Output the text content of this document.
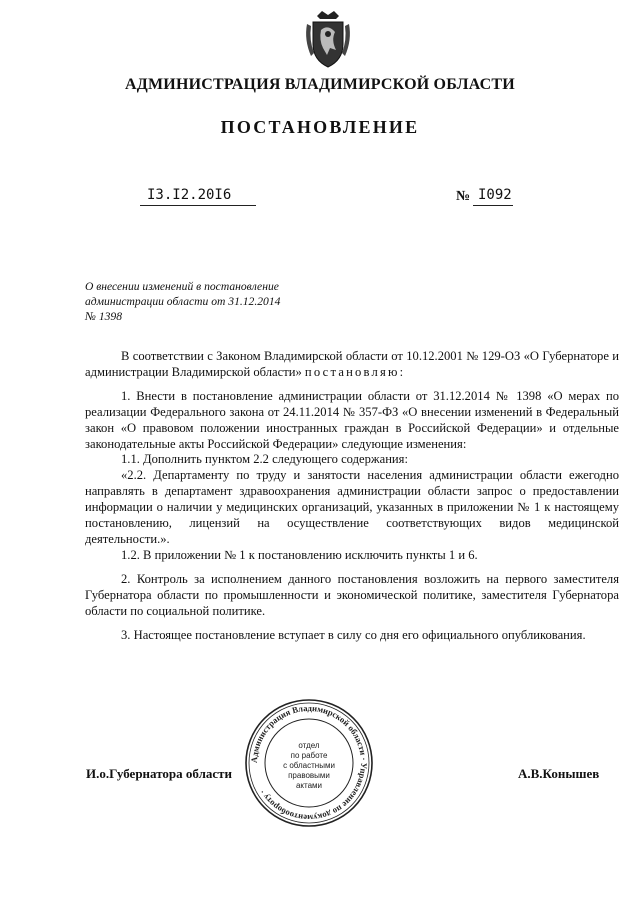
АДМИНИСТРАЦИЯ ВЛАДИМИРСКОЙ ОБЛАСТИ
ПОСТАНОВЛЕНИЕ
I3.I2.20I6	№ I092
О внесении изменений в постановление
администрации области от 31.12.2014
№ 1398

В соответствии с Законом Владимирской области от 10.12.2001 № 129-ОЗ «О Губернаторе и администрации Владимирской области» постановляю:

1. Внести в постановление администрации области от 31.12.2014 № 1398 «О мерах по реализации Федерального закона от 24.11.2014 № 357-ФЗ «О внесении изменений в Федеральный закон «О правовом положении иностранных граждан в Российской Федерации» и отдельные законодательные акты Российской Федерации» следующие изменения:

1.1. Дополнить пунктом 2.2 следующего содержания:

«2.2. Департаменту по труду и занятости населения администрации области ежегодно направлять в департамент здравоохранения администрации области запрос о предоставлении информации о наличии у медицинских организаций, указанных в приложении № 1 к настоящему постановлению, лицензий на осуществление соответствующих видов медицинской деятельности.».

1.2. В приложении № 1 к постановлению исключить пункты 1 и 6.

2. Контроль за исполнением данного постановления возложить на первого заместителя Губернатора области по промышленности и экономической политике, заместителя Губернатора области по социальной политике.

3. Настоящее постановление вступает в силу со дня его официального опубликования.

И.о.Губернатора области	А.В.Конышев
Администрация Владимирской области · Управление по документообороту ·
отдел
по работе
с областными
правовыми
актами
